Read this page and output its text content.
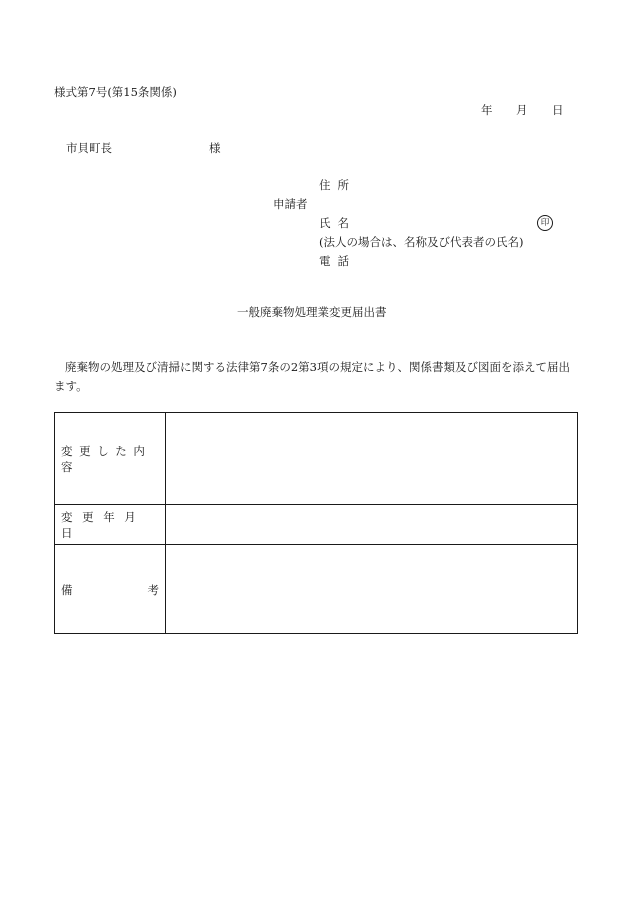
様式第7号(第15条関係)
年 月 日
市貝町長	様
申請者
住所
氏名	印
(法人の場合は、名称及び代表者の氏名)
電話
一般廃棄物処理業変更届出書
廃棄物の処理及び清掃に関する法律第7条の2第3項の規定により、関係書類及び図面を添えて届出
ます。
変更した内容
変更年月日
備	考
